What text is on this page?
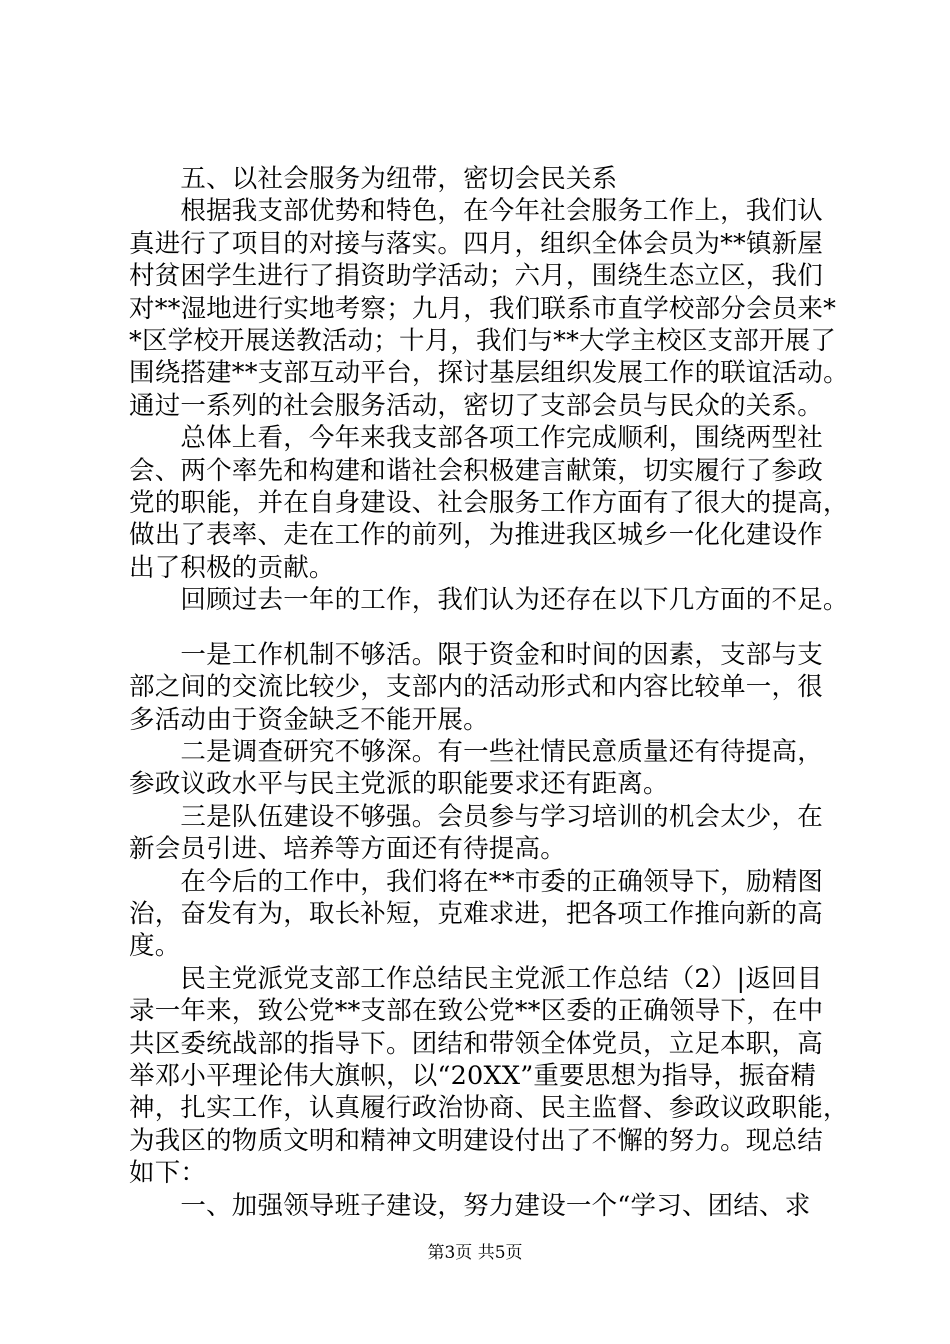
　　五、以社会服务为纽带，密切会民关系
　　根据我支部优势和特色，在今年社会服务工作上，我们认
真进行了项目的对接与落实。四月，组织全体会员为**镇新屋
村贫困学生进行了捐资助学活动；六月，围绕生态立区，我们
对**湿地进行实地考察；九月，我们联系市直学校部分会员来*
*区学校开展送教活动；十月，我们与**大学主校区支部开展了
围绕搭建**支部互动平台，探讨基层组织发展工作的联谊活动。
通过一系列的社会服务活动，密切了支部会员与民众的关系。
　　总体上看，今年来我支部各项工作完成顺利，围绕两型社
会、两个率先和构建和谐社会积极建言献策，切实履行了参政
党的职能，并在自身建设、社会服务工作方面有了很大的提高，
做出了表率、走在工作的前列，为推进我区城乡一化化建设作
出了积极的贡献。
　　回顾过去一年的工作，我们认为还存在以下几方面的不足。
　　一是工作机制不够活。限于资金和时间的因素，支部与支
部之间的交流比较少，支部内的活动形式和内容比较单一，很
多活动由于资金缺乏不能开展。
　　二是调查研究不够深。有一些社情民意质量还有待提高，
参政议政水平与民主党派的职能要求还有距离。
　　三是队伍建设不够强。会员参与学习培训的机会太少，在
新会员引进、培养等方面还有待提高。
　　在今后的工作中，我们将在**市委的正确领导下，励精图
治，奋发有为，取长补短，克难求进，把各项工作推向新的高
度。
　　民主党派党支部工作总结民主党派工作总结（2）|返回目
录一年来，致公党**支部在致公党**区委的正确领导下，在中
共区委统战部的指导下。团结和带领全体党员，立足本职，高
举邓小平理论伟大旗帜，以“20XX”重要思想为指导，振奋精
神，扎实工作，认真履行政治协商、民主监督、参政议政职能，
为我区的物质文明和精神文明建设付出了不懈的努力。现总结
如下：
　　一、加强领导班子建设，努力建设一个“学习、团结、求
第3页 共5页
